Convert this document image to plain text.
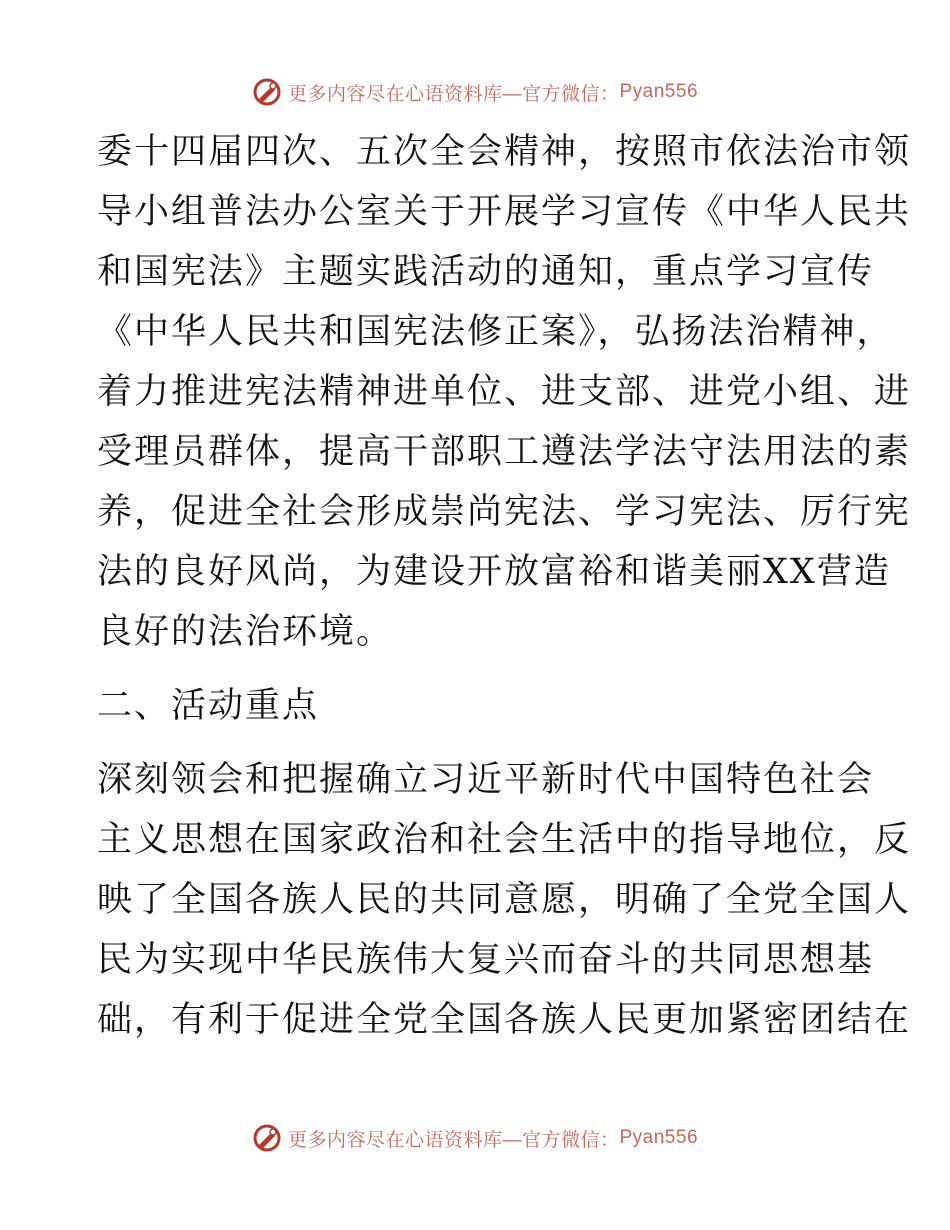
更多内容尽在心语资料库—官方微信： Pyan556

委十四届四次、五次全会精神，按照市依法治市领
导小组普法办公室关于开展学习宣传《中华人民共
和国宪法》主题实践活动的通知，重点学习宣传
《中华人民共和国宪法修正案》，弘扬法治精神，
着力推进宪法精神进单位、进支部、进党小组、进
受理员群体，提高干部职工遵法学法守法用法的素
养，促进全社会形成崇尚宪法、学习宪法、厉行宪
法的良好风尚，为建设开放富裕和谐美丽XX营造
良好的法治环境。

二、活动重点

深刻领会和把握确立习近平新时代中国特色社会
主义思想在国家政治和社会生活中的指导地位，反
映了全国各族人民的共同意愿，明确了全党全国人
民为实现中华民族伟大复兴而奋斗的共同思想基
础，有利于促进全党全国各族人民更加紧密团结在

更多内容尽在心语资料库—官方微信： Pyan556
